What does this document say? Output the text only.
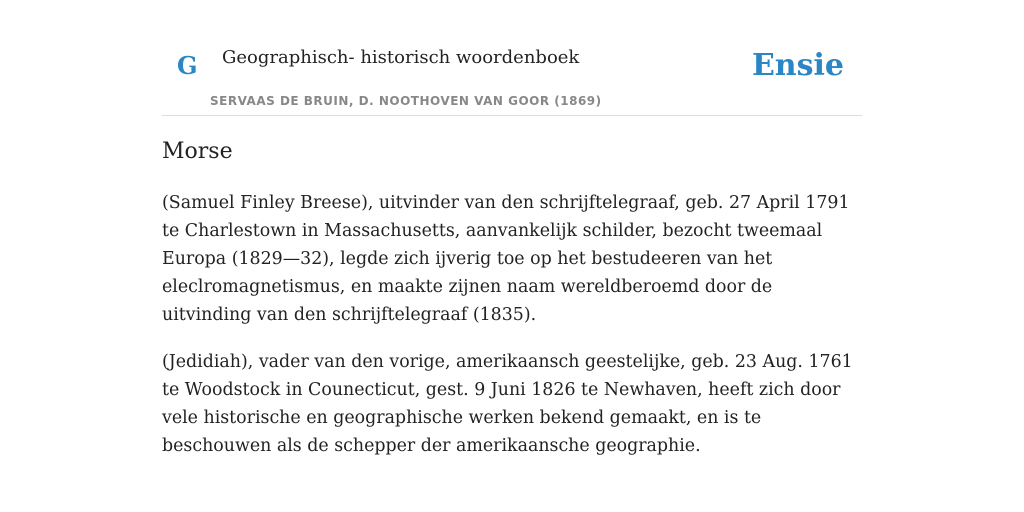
G Geographisch- historisch woordenboek
SERVAAS DE BRUIN, D. NOOTHOVEN VAN GOOR (1869)
Ensie
Morse

(Samuel Finley Breese), uitvinder van den schrijftelegraaf, geb. 27 April 1791 te Charlestown in Massachusetts, aanvankelijk schilder, bezocht tweemaal Europa (1829—32), legde zich ijverig toe op het bestudeeren van het eleclromagnetismus, en maakte zijnen naam wereldberoemd door de uitvinding van den schrijftelegraaf (1835).

(Jedidiah), vader van den vorige, amerikaansch geestelijke, geb. 23 Aug. 1761 te Woodstock in Counecticut, gest. 9 Juni 1826 te Newhaven, heeft zich door vele historische en geographische werken bekend gemaakt, en is te beschouwen als de schepper der amerikaansche geographie.
